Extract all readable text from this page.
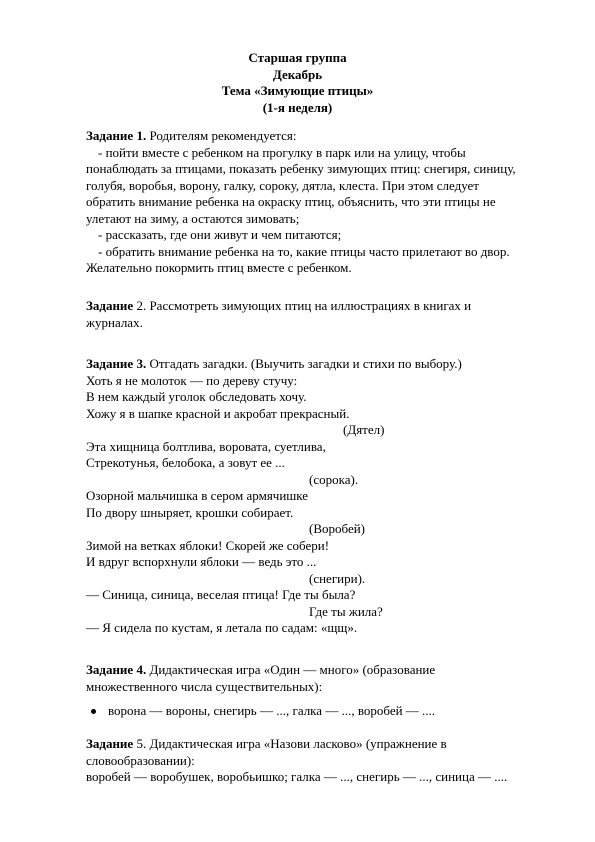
Старшая группа
Декабрь
Тема «Зимующие птицы»
(1-я неделя)
Задание 1. Родителям рекомендуется:
- пойти вместе с ребенком на прогулку в парк или на улицу, чтобы
понаблюдать за птицами, показать ребенку зимующих птиц: снегиря, синицу,
голубя, воробья, ворону, галку, сороку, дятла, клеста. При этом следует
обратить внимание ребенка на окраску птиц, объяснить, что эти птицы не
улетают на зиму, а остаются зимовать;
- рассказать, где они живут и чем питаются;
- обратить внимание ребенка на то, какие птицы часто прилетают во двор.
Желательно покормить птиц вместе с ребенком.
Задание 2. Рассмотреть зимующих птиц на иллюстрациях в книгах и
журналах.
Задание 3. Отгадать загадки. (Выучить загадки и стихи по выбору.)
Хоть я не молоток — по дереву стучу:
В нем каждый уголок обследовать хочу.
Хожу я в шапке красной и акробат прекрасный.
(Дятел)
Эта хищница болтлива, воровата, суетлива,
Стрекотунья, белобока, а зовут ее ...
(сорока).
Озорной мальчишка в сером армячишке
По двору шныряет, крошки собирает.
(Воробей)
Зимой на ветках яблоки! Скорей же собери!
И вдруг вспорхнули яблоки — ведь это ...
(снегири).
— Синица, синица, веселая птица! Где ты была?
Где ты жила?
— Я сидела по кустам, я летала по садам: «щщ».
Задание 4. Дидактическая игра «Один — много» (образование
множественного числа существительных):
ворона — вороны, снегирь — ..., галка — ..., воробей — ....
Задание 5. Дидактическая игра «Назови ласково» (упражнение в
словообразовании):
воробей — воробушек, воробьишко; галка — ..., снегирь — ..., синица — ....
